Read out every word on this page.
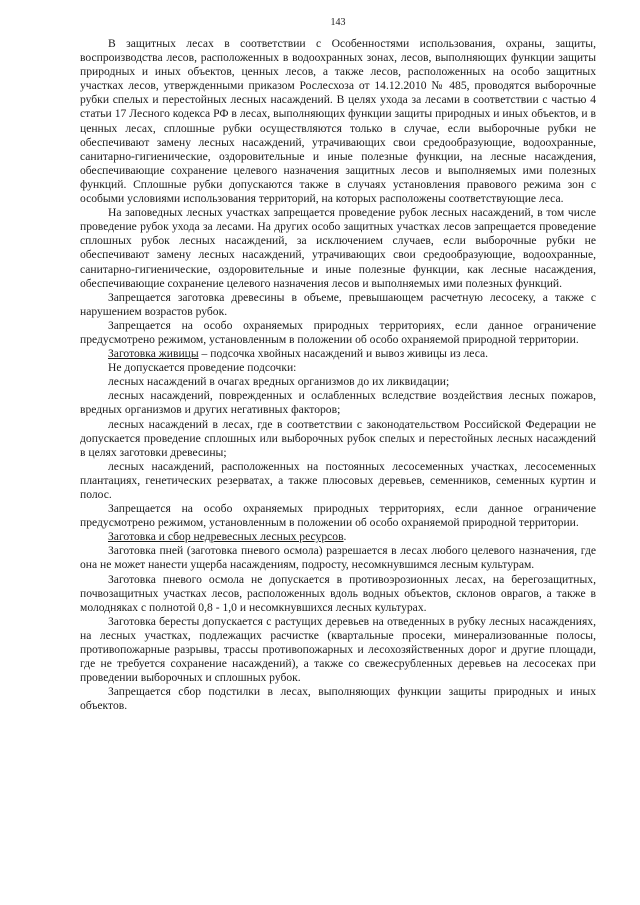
143

В защитных лесах в соответствии с Особенностями использования, охраны, защиты, воспроизводства лесов, расположенных в водоохранных зонах, лесов, выполняющих функции защиты природных и иных объектов, ценных лесов, а также лесов, расположенных на особо защитных участках лесов, утвержденными приказом Рослесхоза от 14.12.2010 № 485, проводятся выборочные рубки спелых и перестойных лесных насаждений. В целях ухода за лесами в соответствии с частью 4 статьи 17 Лесного кодекса РФ в лесах, выполняющих функции защиты природных и иных объектов, и в ценных лесах, сплошные рубки осуществляются только в случае, если выборочные рубки не обеспечивают замену лесных насаждений, утрачивающих свои средообразующие, водоохранные, санитарно-гигиенические, оздоровительные и иные полезные функции, на лесные насаждения, обеспечивающие сохранение целевого назначения защитных лесов и выполняемых ими полезных функций. Сплошные рубки допускаются также в случаях установления правового режима зон с особыми условиями использования территорий, на которых расположены соответствующие леса.

На заповедных лесных участках запрещается проведение рубок лесных насаждений, в том числе проведение рубок ухода за лесами. На других особо защитных участках лесов запрещается проведение сплошных рубок лесных насаждений, за исключением случаев, если выборочные рубки не обеспечивают замену лесных насаждений, утрачивающих свои средообразующие, водоохранные, санитарно-гигиенические, оздоровительные и иные полезные функции, как лесные насаждения, обеспечивающие сохранение целевого назначения лесов и выполняемых ими полезных функций.

Запрещается заготовка древесины в объеме, превышающем расчетную лесосеку, а также с нарушением возрастов рубок.

Запрещается на особо охраняемых природных территориях, если данное ограничение предусмотрено режимом, установленным в положении об особо охраняемой природной территории.

Заготовка живицы – подсочка хвойных насаждений и вывоз живицы из леса.

Не допускается проведение подсочки:

лесных насаждений в очагах вредных организмов до их ликвидации;

лесных насаждений, поврежденных и ослабленных вследствие воздействия лесных пожаров, вредных организмов и других негативных факторов;

лесных насаждений в лесах, где в соответствии с законодательством Российской Федерации не допускается проведение сплошных или выборочных рубок спелых и перестойных лесных насаждений в целях заготовки древесины;

лесных насаждений, расположенных на постоянных лесосеменных участках, лесосеменных плантациях, генетических резерватах, а также плюсовых деревьев, семенников, семенных куртин и полос.

Запрещается на особо охраняемых природных территориях, если данное ограничение предусмотрено режимом, установленным в положении об особо охраняемой природной территории.

Заготовка и сбор недревесных лесных ресурсов.

Заготовка пней (заготовка пневого осмола) разрешается в лесах любого целевого назначения, где она не может нанести ущерба насаждениям, подросту, несомкнувшимся лесным культурам.

Заготовка пневого осмола не допускается в противоэрозионных лесах, на берегозащитных, почвозащитных участках лесов, расположенных вдоль водных объектов, склонов оврагов, а также в молодняках с полнотой 0,8 - 1,0 и несомкнувшихся лесных культурах.

Заготовка бересты допускается с растущих деревьев на отведенных в рубку лесных насаждениях, на лесных участках, подлежащих расчистке (квартальные просеки, минерализованные полосы, противопожарные разрывы, трассы противопожарных и лесохозяйственных дорог и другие площади, где не требуется сохранение насаждений), а также со свежесрубленных деревьев на лесосеках при проведении выборочных и сплошных рубок.

Запрещается сбор подстилки в лесах, выполняющих функции защиты природных и иных объектов.
